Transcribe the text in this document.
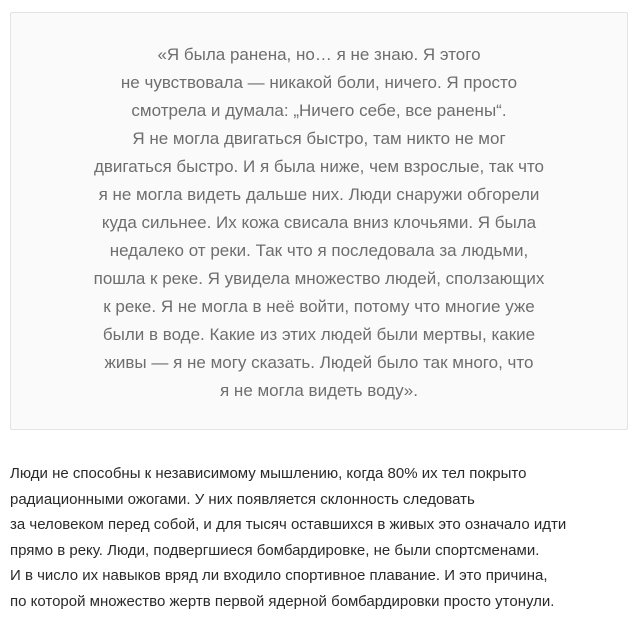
«Я была ранена, но… я не знаю. Я этого
не чувствовала — никакой боли, ничего. Я просто
смотрела и думала: „Ничего себе, все ранены“.
Я не могла двигаться быстро, там никто не мог
двигаться быстро. И я была ниже, чем взрослые, так что
я не могла видеть дальше них. Люди снаружи обгорели
куда сильнее. Их кожа свисала вниз клочьями. Я была
недалеко от реки. Так что я последовала за людьми,
пошла к реке. Я увидела множество людей, сползающих
к реке. Я не могла в неё войти, потому что многие уже
были в воде. Какие из этих людей были мертвы, какие
живы — я не могу сказать. Людей было так много, что
я не могла видеть воду».
Люди не способны к независимому мышлению, когда 80% их тел покрыто
радиационными ожогами. У них появляется склонность следовать
за человеком перед собой, и для тысяч оставшихся в живых это означало идти
прямо в реку. Люди, подвергшиеся бомбардировке, не были спортсменами.
И в число их навыков вряд ли входило спортивное плавание. И это причина,
по которой множество жертв первой ядерной бомбардировки просто утонули.
